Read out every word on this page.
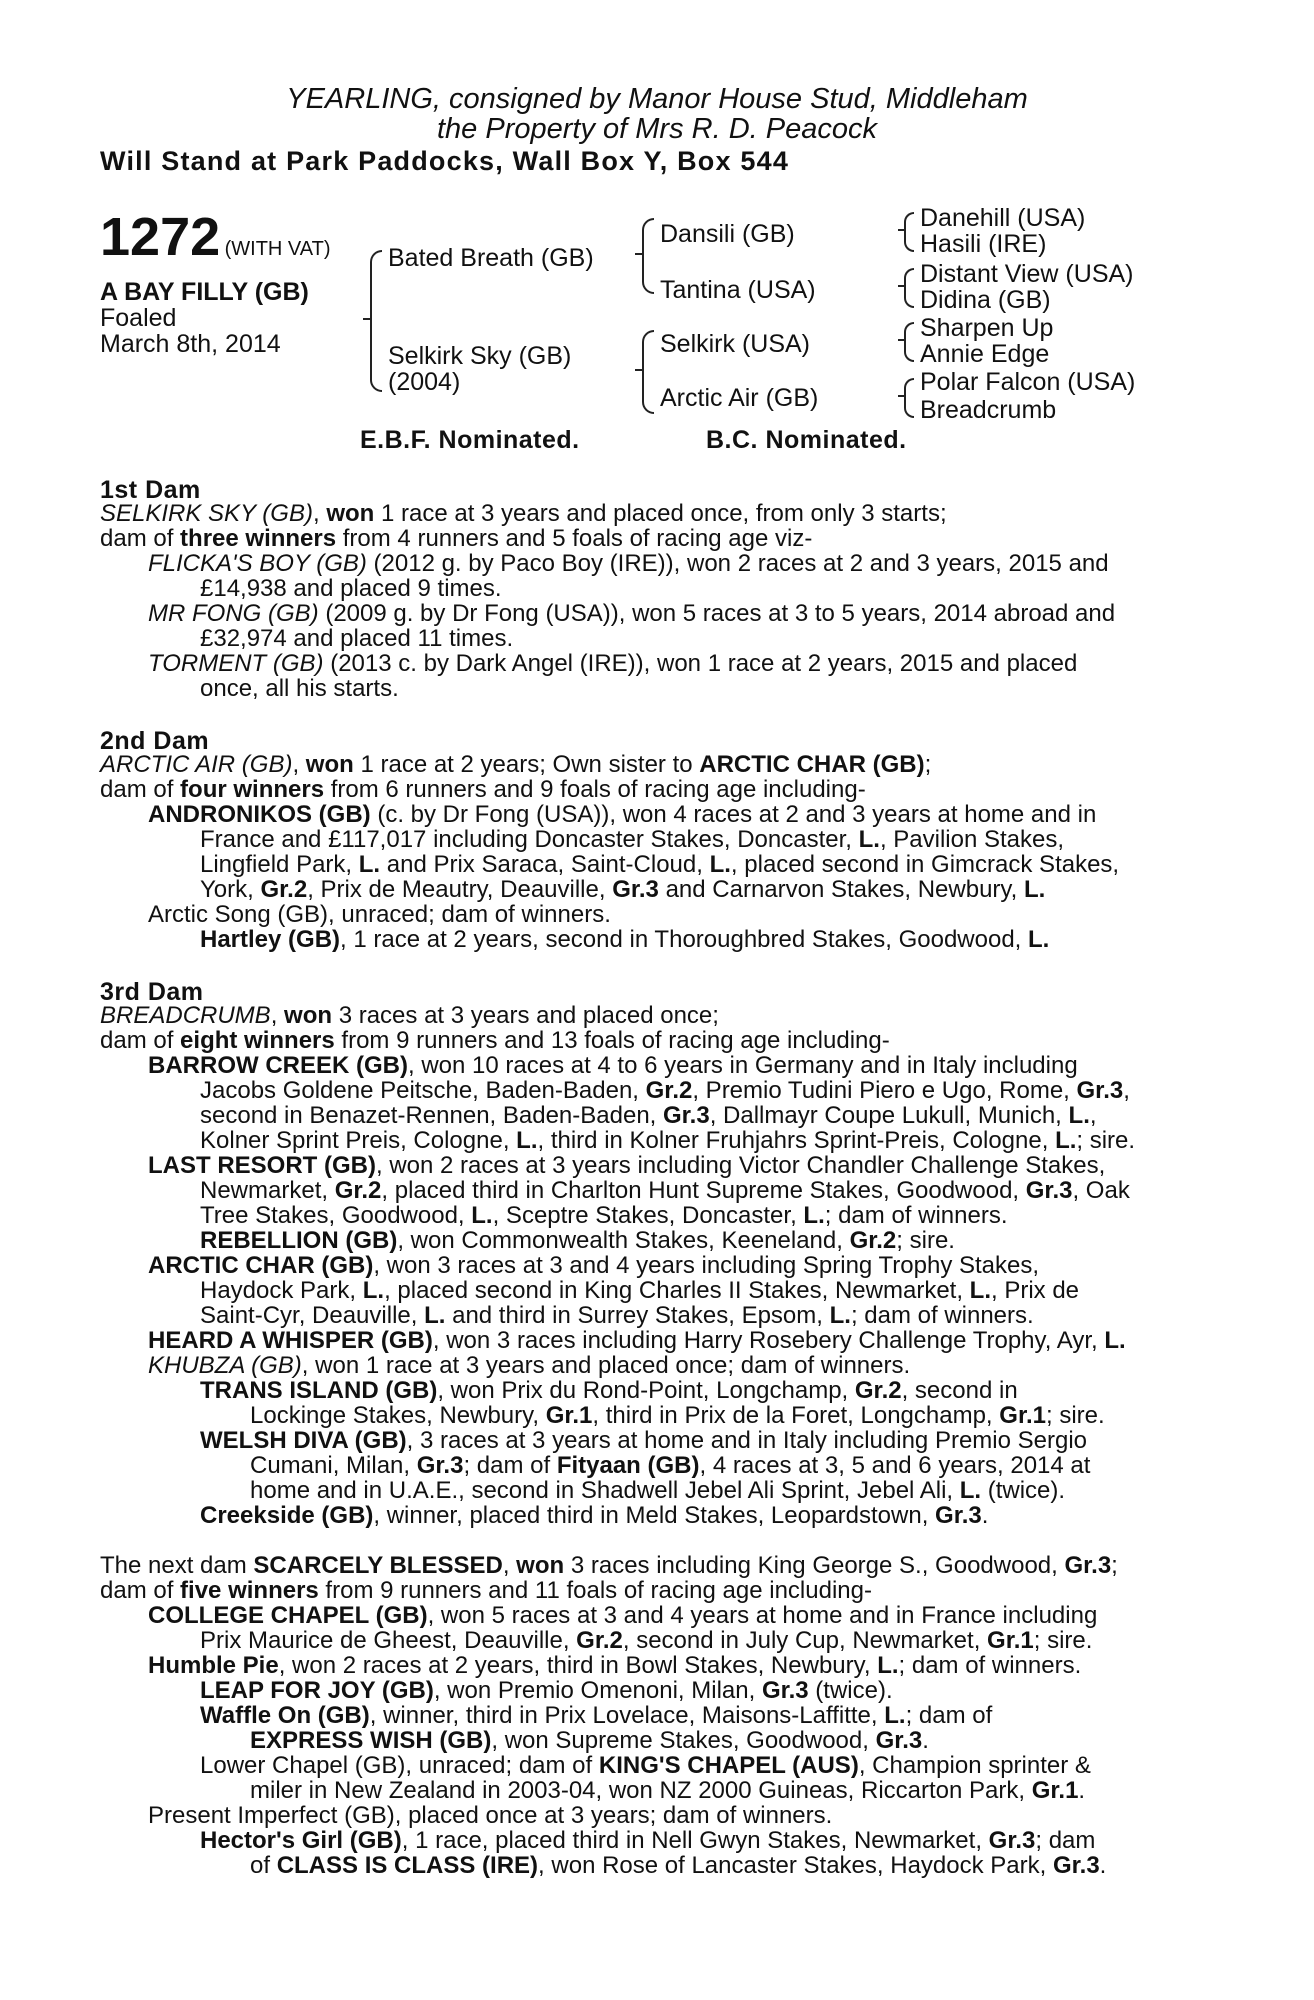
YEARLING, consigned by Manor House Stud, Middleham
the Property of Mrs R. D. Peacock
Will Stand at Park Paddocks, Wall Box Y, Box 544
1272 (WITH VAT)
A BAY FILLY (GB)
Foaled
March 8th, 2014
Bated Breath (GB)
Selkirk Sky (GB)
(2004)
Dansili (GB)
Tantina (USA)
Selkirk (USA)
Arctic Air (GB)
Danehill (USA)
Hasili (IRE)
Distant View (USA)
Didina (GB)
Sharpen Up
Annie Edge
Polar Falcon (USA)
Breadcrumb
E.B.F. Nominated.	B.C. Nominated.
1st Dam
SELKIRK SKY (GB), won 1 race at 3 years and placed once, from only 3 starts;
dam of three winners from 4 runners and 5 foals of racing age viz-
FLICKA'S BOY (GB) (2012 g. by Paco Boy (IRE)), won 2 races at 2 and 3 years, 2015 and
£14,938 and placed 9 times.
MR FONG (GB) (2009 g. by Dr Fong (USA)), won 5 races at 3 to 5 years, 2014 abroad and
£32,974 and placed 11 times.
TORMENT (GB) (2013 c. by Dark Angel (IRE)), won 1 race at 2 years, 2015 and placed
once, all his starts.
2nd Dam
ARCTIC AIR (GB), won 1 race at 2 years; Own sister to ARCTIC CHAR (GB);
dam of four winners from 6 runners and 9 foals of racing age including-
ANDRONIKOS (GB) (c. by Dr Fong (USA)), won 4 races at 2 and 3 years at home and in
France and £117,017 including Doncaster Stakes, Doncaster, L., Pavilion Stakes,
Lingfield Park, L. and Prix Saraca, Saint-Cloud, L., placed second in Gimcrack Stakes,
York, Gr.2, Prix de Meautry, Deauville, Gr.3 and Carnarvon Stakes, Newbury, L.
Arctic Song (GB), unraced; dam of winners.
Hartley (GB), 1 race at 2 years, second in Thoroughbred Stakes, Goodwood, L.
3rd Dam
BREADCRUMB, won 3 races at 3 years and placed once;
dam of eight winners from 9 runners and 13 foals of racing age including-
BARROW CREEK (GB), won 10 races at 4 to 6 years in Germany and in Italy including
Jacobs Goldene Peitsche, Baden-Baden, Gr.2, Premio Tudini Piero e Ugo, Rome, Gr.3,
second in Benazet-Rennen, Baden-Baden, Gr.3, Dallmayr Coupe Lukull, Munich, L.,
Kolner Sprint Preis, Cologne, L., third in Kolner Fruhjahrs Sprint-Preis, Cologne, L.; sire.
LAST RESORT (GB), won 2 races at 3 years including Victor Chandler Challenge Stakes,
Newmarket, Gr.2, placed third in Charlton Hunt Supreme Stakes, Goodwood, Gr.3, Oak
Tree Stakes, Goodwood, L., Sceptre Stakes, Doncaster, L.; dam of winners.
REBELLION (GB), won Commonwealth Stakes, Keeneland, Gr.2; sire.
ARCTIC CHAR (GB), won 3 races at 3 and 4 years including Spring Trophy Stakes,
Haydock Park, L., placed second in King Charles II Stakes, Newmarket, L., Prix de
Saint-Cyr, Deauville, L. and third in Surrey Stakes, Epsom, L.; dam of winners.
HEARD A WHISPER (GB), won 3 races including Harry Rosebery Challenge Trophy, Ayr, L.
KHUBZA (GB), won 1 race at 3 years and placed once; dam of winners.
TRANS ISLAND (GB), won Prix du Rond-Point, Longchamp, Gr.2, second in
Lockinge Stakes, Newbury, Gr.1, third in Prix de la Foret, Longchamp, Gr.1; sire.
WELSH DIVA (GB), 3 races at 3 years at home and in Italy including Premio Sergio
Cumani, Milan, Gr.3; dam of Fityaan (GB), 4 races at 3, 5 and 6 years, 2014 at
home and in U.A.E., second in Shadwell Jebel Ali Sprint, Jebel Ali, L. (twice).
Creekside (GB), winner, placed third in Meld Stakes, Leopardstown, Gr.3.
The next dam SCARCELY BLESSED, won 3 races including King George S., Goodwood, Gr.3;
dam of five winners from 9 runners and 11 foals of racing age including-
COLLEGE CHAPEL (GB), won 5 races at 3 and 4 years at home and in France including
Prix Maurice de Gheest, Deauville, Gr.2, second in July Cup, Newmarket, Gr.1; sire.
Humble Pie, won 2 races at 2 years, third in Bowl Stakes, Newbury, L.; dam of winners.
LEAP FOR JOY (GB), won Premio Omenoni, Milan, Gr.3 (twice).
Waffle On (GB), winner, third in Prix Lovelace, Maisons-Laffitte, L.; dam of
EXPRESS WISH (GB), won Supreme Stakes, Goodwood, Gr.3.
Lower Chapel (GB), unraced; dam of KING'S CHAPEL (AUS), Champion sprinter &
miler in New Zealand in 2003-04, won NZ 2000 Guineas, Riccarton Park, Gr.1.
Present Imperfect (GB), placed once at 3 years; dam of winners.
Hector's Girl (GB), 1 race, placed third in Nell Gwyn Stakes, Newmarket, Gr.3; dam
of CLASS IS CLASS (IRE), won Rose of Lancaster Stakes, Haydock Park, Gr.3.
